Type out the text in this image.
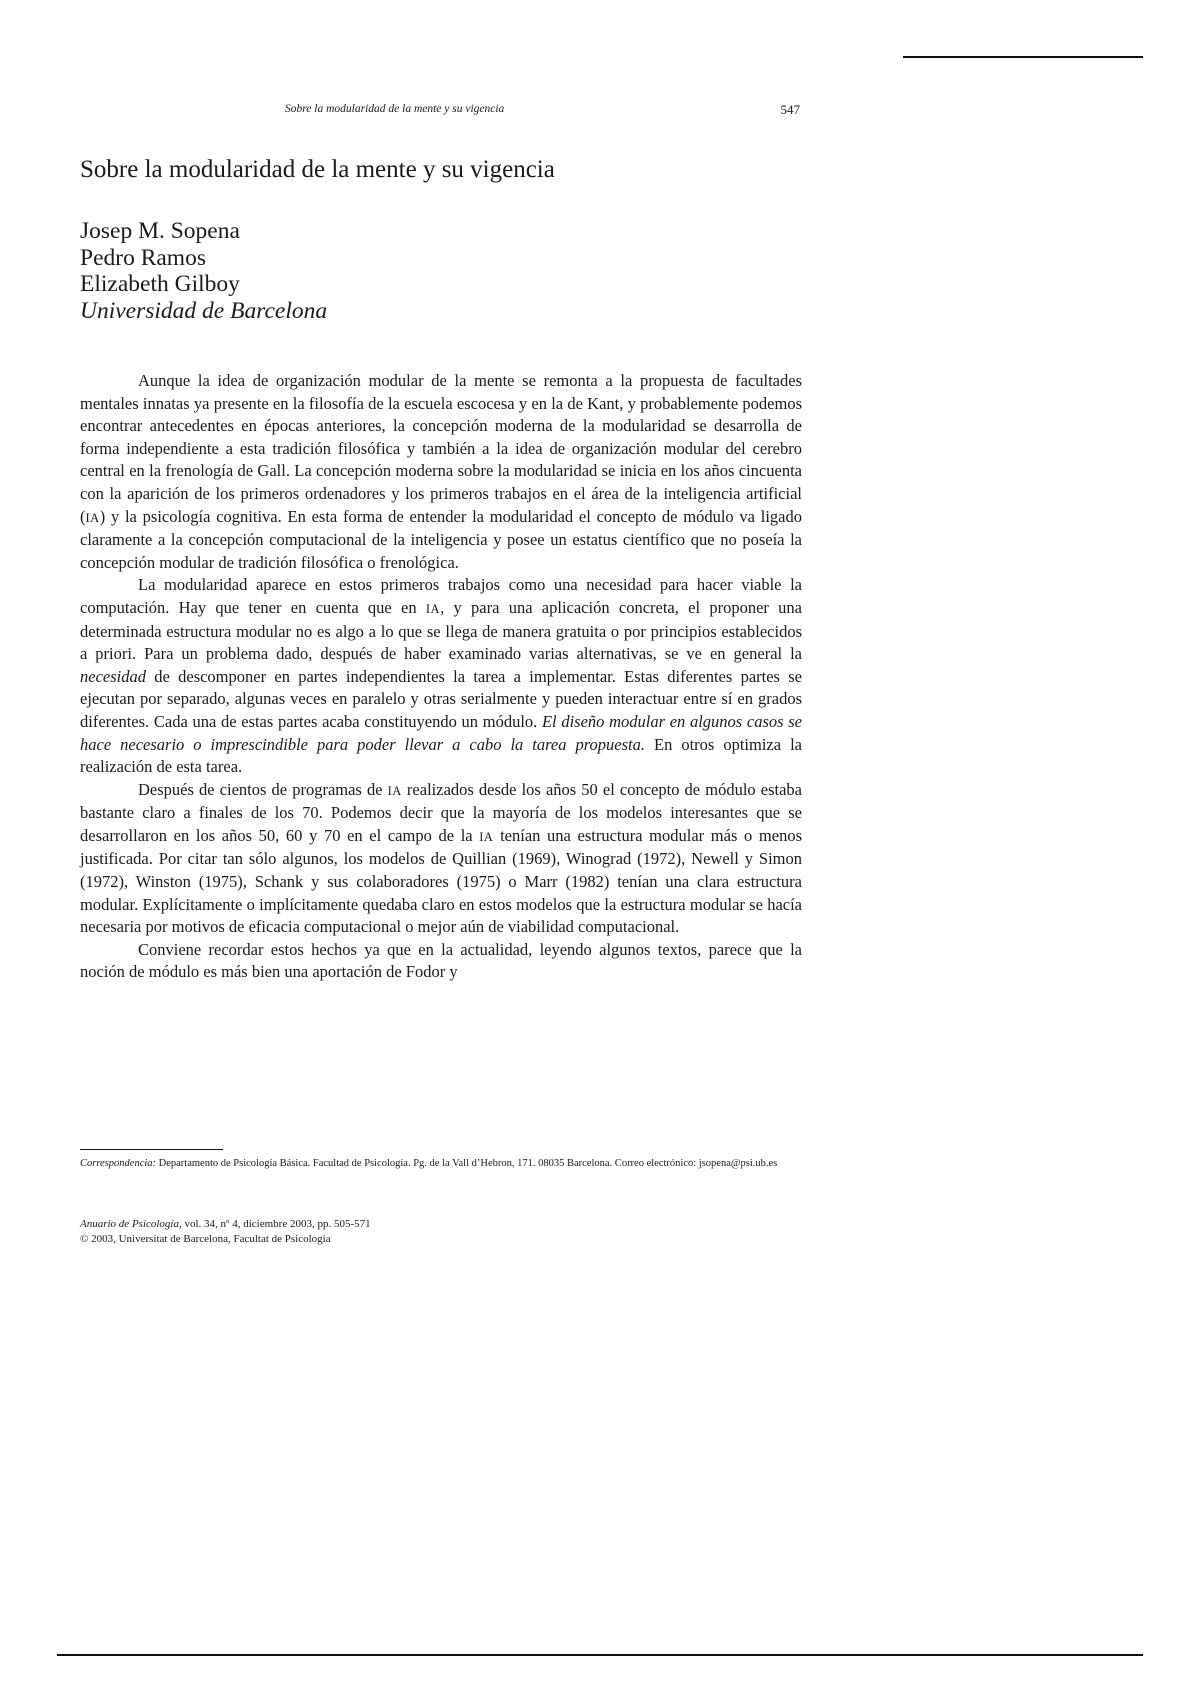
Sobre la modularidad de la mente y su vigencia	547
Sobre la modularidad de la mente y su vigencia
Josep M. Sopena
Pedro Ramos
Elizabeth Gilboy
Universidad de Barcelona

Aunque la idea de organización modular de la mente se remonta a la propuesta de facultades mentales innatas ya presente en la filosofía de la escuela escocesa y en la de Kant, y probablemente podemos encontrar antecedentes en épocas anteriores, la concepción moderna de la modularidad se desarrolla de forma independiente a esta tradición filosófica y también a la idea de organización modular del cerebro central en la frenología de Gall. La concepción moderna sobre la modularidad se inicia en los años cincuenta con la aparición de los primeros ordenadores y los primeros trabajos en el área de la inteligencia artificial (IA) y la psicología cognitiva. En esta forma de entender la modularidad el concepto de módulo va ligado claramente a la concepción computacional de la inteligencia y posee un estatus científico que no poseía la concepción modular de tradición filosófica o frenológica.

La modularidad aparece en estos primeros trabajos como una necesidad para hacer viable la computación. Hay que tener en cuenta que en IA, y para una aplicación concreta, el proponer una determinada estructura modular no es algo a lo que se llega de manera gratuita o por principios establecidos a priori. Para un problema dado, después de haber examinado varias alternativas, se ve en general la necesidad de descomponer en partes independientes la tarea a implementar. Estas diferentes partes se ejecutan por separado, algunas veces en paralelo y otras serialmente y pueden interactuar entre sí en grados diferentes. Cada una de estas partes acaba constituyendo un módulo. El diseño modular en algunos casos se hace necesario o imprescindible para poder llevar a cabo la tarea propuesta. En otros optimiza la realización de esta tarea.

Después de cientos de programas de IA realizados desde los años 50 el concepto de módulo estaba bastante claro a finales de los 70. Podemos decir que la mayoría de los modelos interesantes que se desarrollaron en los años 50, 60 y 70 en el campo de la IA tenían una estructura modular más o menos justificada. Por citar tan sólo algunos, los modelos de Quillian (1969), Winograd (1972), Newell y Simon (1972), Winston (1975), Schank y sus colaboradores (1975) o Marr (1982) tenían una clara estructura modular. Explícitamente o implícitamente quedaba claro en estos modelos que la estructura modular se hacía necesaria por motivos de eficacia computacional o mejor aún de viabilidad computacional.

Conviene recordar estos hechos ya que en la actualidad, leyendo algunos textos, parece que la noción de módulo es más bien una aportación de Fodor y

Correspondencia: Departamento de Psicología Básica. Facultad de Psicología. Pg. de la Vall d’Hebron, 171. 08035 Barcelona. Correo electrónico: jsopena@psi.ub.es
Anuario de Psicología, vol. 34, nº 4, diciembre 2003, pp. 505-571
© 2003, Universitat de Barcelona, Facultat de Psicología
